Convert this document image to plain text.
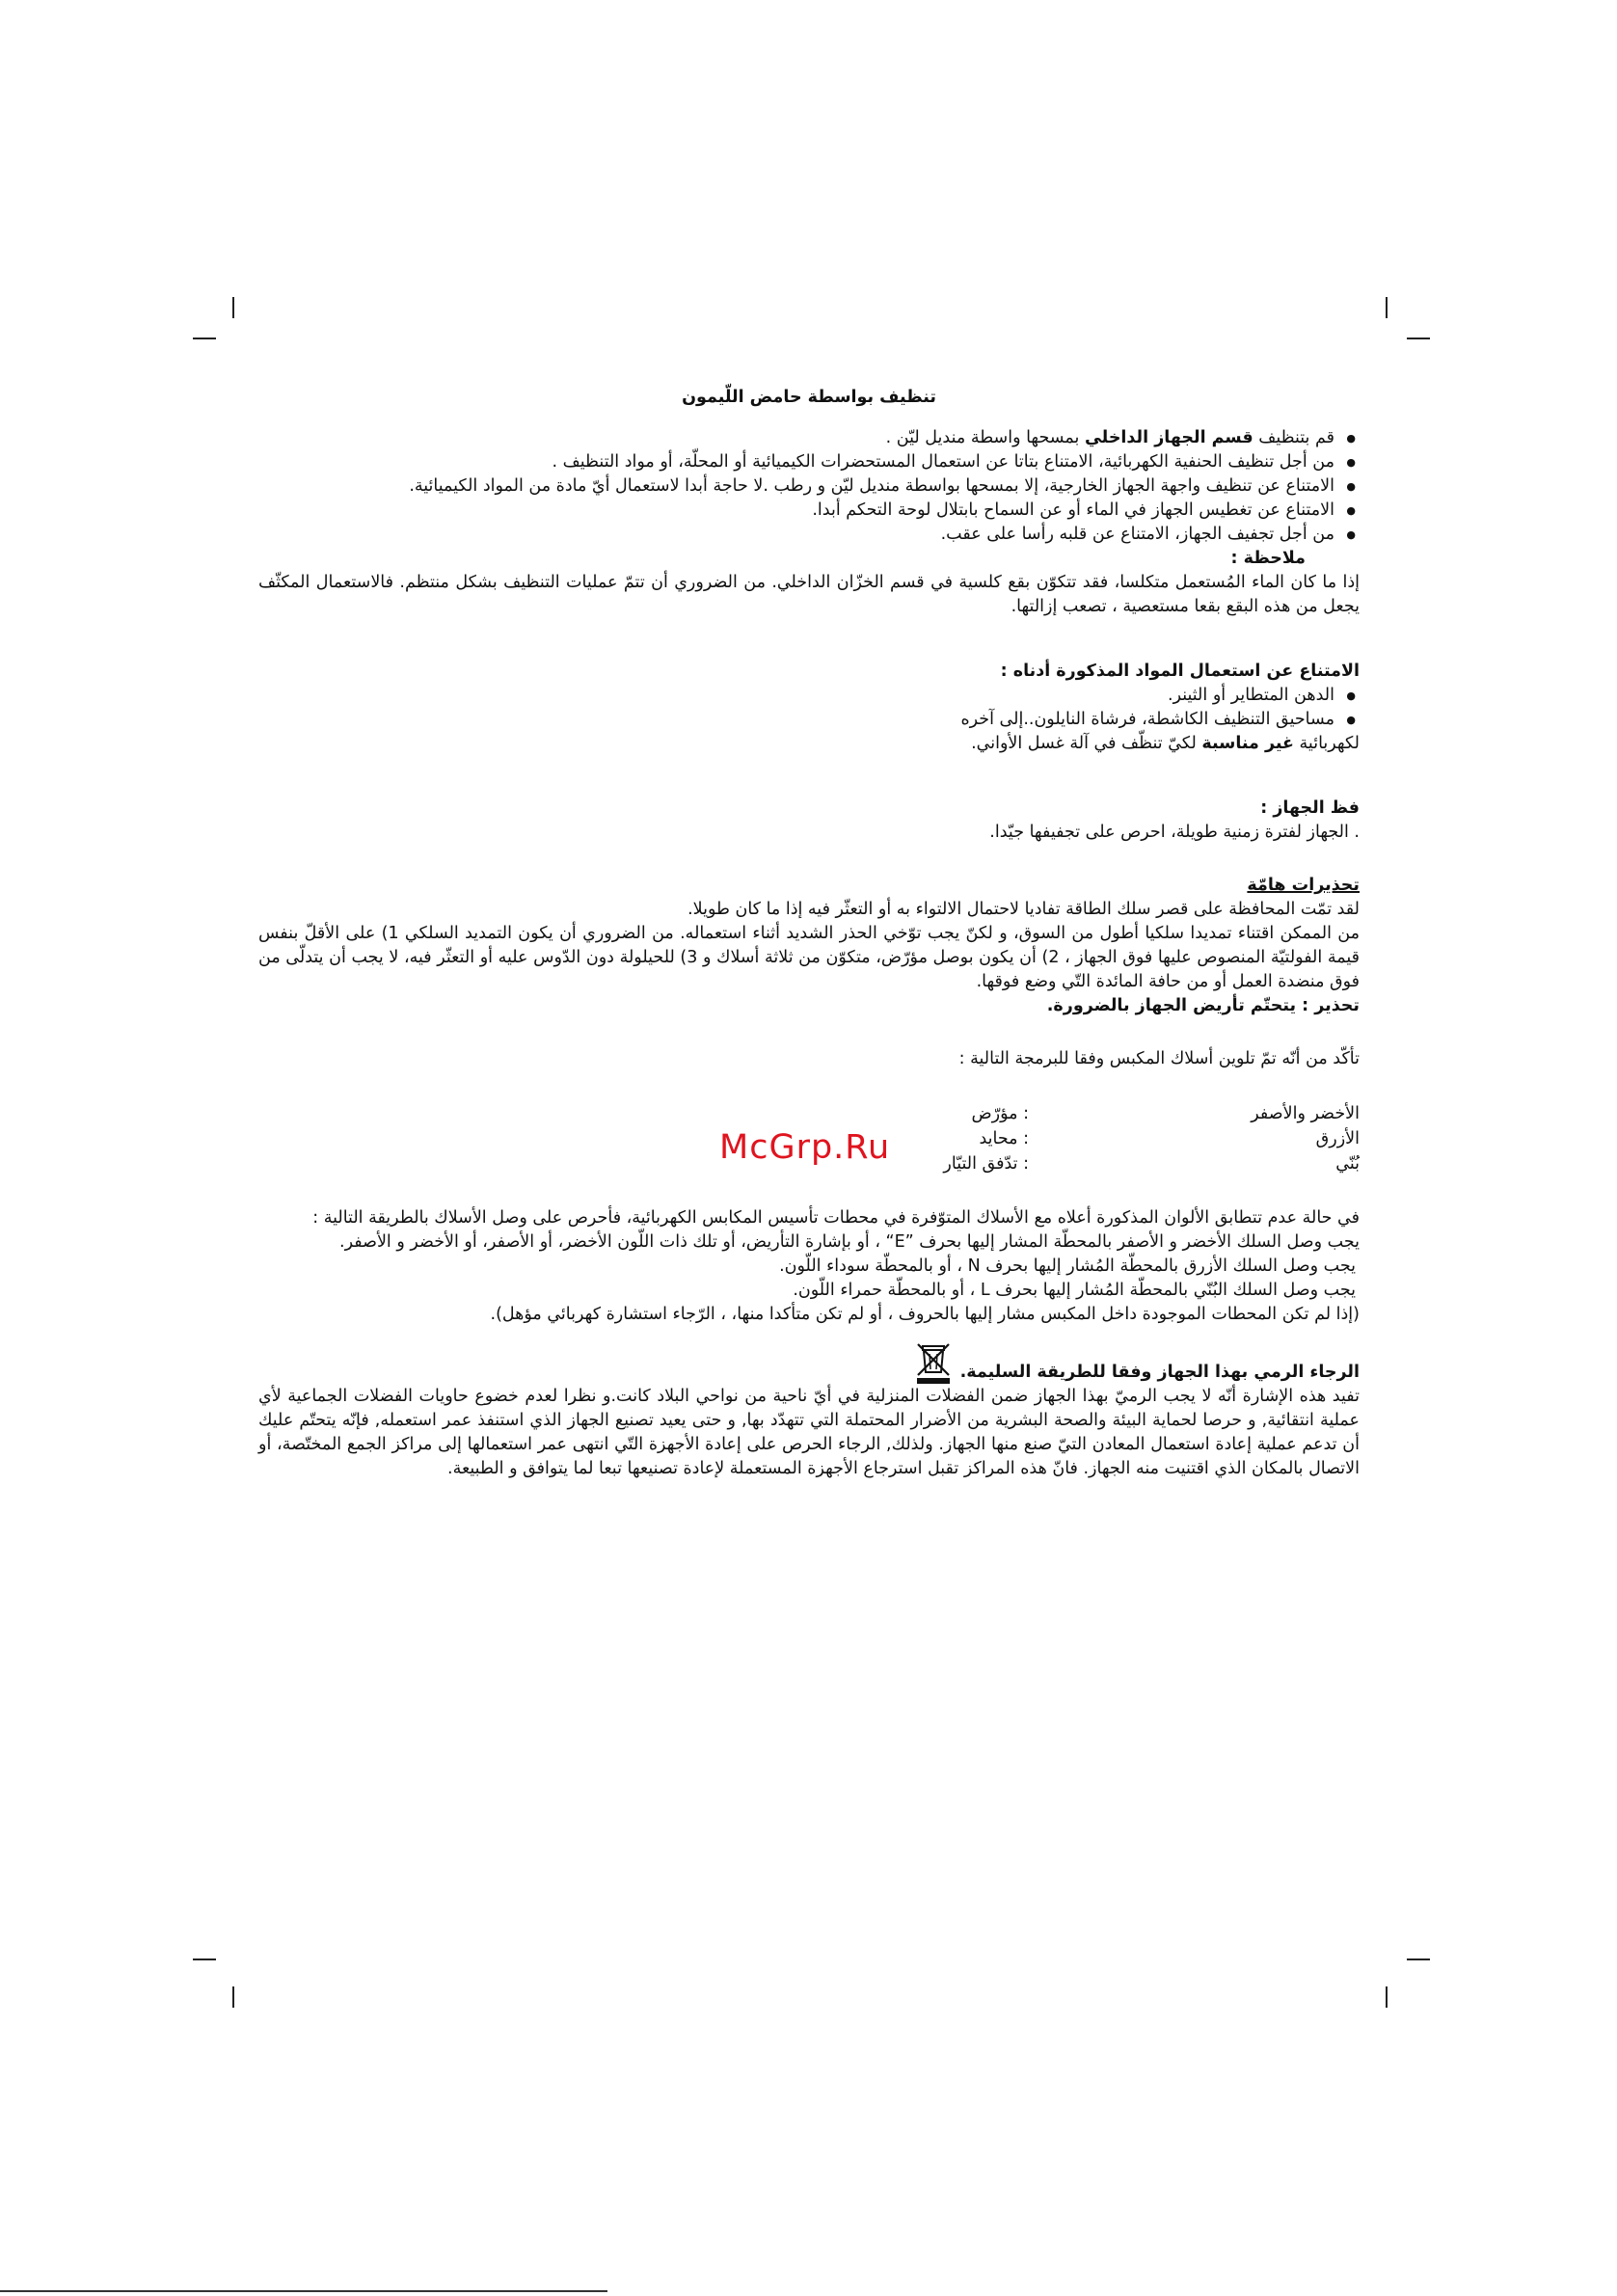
تنظيف بواسطة حامض اللّيمون

● قم بتنظيف قسم الجهاز الداخلي بمسحها واسطة منديل ليّن .
● من أجل تنظيف الحنفية الكهربائية، الامتناع بتاتا عن استعمال المستحضرات الكيميائية أو المحلّة، أو مواد التنظيف .
● الامتناع عن تنظيف واجهة الجهاز الخارجية، إلا بمسحها بواسطة منديل ليّن و رطب .لا حاجة أبدا لاستعمال أيّ مادة من المواد الكيميائية.
● الامتناع عن تغطيس الجهاز في الماء أو عن السماح بابتلال لوحة التحكم أبدا.
● من أجل تجفيف الجهاز، الامتناع عن قلبه رأسا على عقب.

ملاحظة :

إذا ما كان الماء المُستعمل متكلسا، فقد تتكوّن بقع كلسية في قسم الخزّان الداخلي. من الضروري أن تتمّ عمليات التنظيف بشكل منتظم. فالاستعمال المكثّف يجعل من هذه البقع بقعا مستعصية ، تصعب إزالتها.

الامتناع عن استعمال المواد المذكورة أدناه :

● الدهن المتطاير أو الثينر.
● مساحيق التنظيف الكاشطة، فرشاة النايلون..إلى آخره

لكهربائية غير مناسبة لكيّ تنظّف في آلة غسل الأواني.

فظ الجهاز :

. الجهاز لفترة زمنية طويلة، احرص على تجفيفها جيّدا.

تحذيرات هامّة

لقد تمّت المحافظة على قصر سلك الطاقة تفاديا لاحتمال الالتواء به أو التعثّر فيه إذا ما كان طويلا.

من الممكن اقتناء تمديدا سلكيا أطول من السوق، و لكنّ يجب توّخي الحذر الشديد أثناء استعماله. من الضروري أن يكون التمديد السلكي 1) على الأقلّ بنفس قيمة الفولتيّة المنصوص عليها فوق الجهاز ، 2) أن يكون بوصل مؤرّض، متكوّن من ثلاثة أسلاك و 3) للحيلولة دون الدّوس عليه أو التعثّر فيه، لا يجب أن يتدلّى من فوق منضدة العمل أو من حافة المائدة التّي وضع فوقها.

تحذير : يتحتّم تأريض الجهاز بالضرورة.

تأكّد من أنّه تمّ تلوين أسلاك المكبس وفقا للبرمجة التالية :

الأخضر والأصفر
: مؤرّض
الأزرق
: محايد
بُنّي
: تدّفق التيّار

في حالة عدم تتطابق الألوان المذكورة أعلاه مع الأسلاك المتوّفرة في محطات تأسيس المكابس الكهربائية، فأحرص على وصل الأسلاك بالطريقة التالية :

يجب وصل السلك الأخضر و الأصفر بالمحطّة المشار إليها بحرف ”E“ ، أو بإشارة التأريض، أو تلك ذات اللّون الأخضر، أو الأصفر، أو الأخضر و الأصفر.

يجب وصل السلك الأزرق بالمحطّة المُشار إليها بحرف N ، أو بالمحطّة سوداء اللّون.

يجب وصل السلك البُنّي بالمحطّة المُشار إليها بحرف L ، أو بالمحطّة حمراء اللّون.

(إذا لم تكن المحطات الموجودة داخل المكبس مشار إليها بالحروف ، أو لم تكن متأكدا منها، ، الرّجاء استشارة كهربائي مؤهل).

الرجاء الرمي بهذا الجهاز وفقا للطريقة السليمة.

تفيد هذه الإشارة أنّه لا يجب الرميّ بهذا الجهاز ضمن الفضلات المنزلية في أيّ ناحية من نواحي البلاد كانت.و نظرا لعدم خضوع حاويات الفضلات الجماعية لأي عملية انتقائية, و حرصا لحماية البيئة والصحة البشرية من الأضرار المحتملة التي تتهدّد بها, و حتى يعيد تصنيع الجهاز الذي استنفذ عمر استعمله, فإنّه يتحتّم عليك أن تدعم عملية إعادة استعمال المعادن التيّ صنع منها الجهاز. ولذلك, الرجاء الحرص على إعادة الأجهزة التّي انتهى عمر استعمالها إلى مراكز الجمع المختّصة، أو الاتصال بالمكان الذي اقتنيت منه الجهاز. فانّ هذه المراكز تقبل استرجاع الأجهزة المستعملة لإعادة تصنيعها تبعا لما يتوافق و الطبيعة.

McGrp.Ru
